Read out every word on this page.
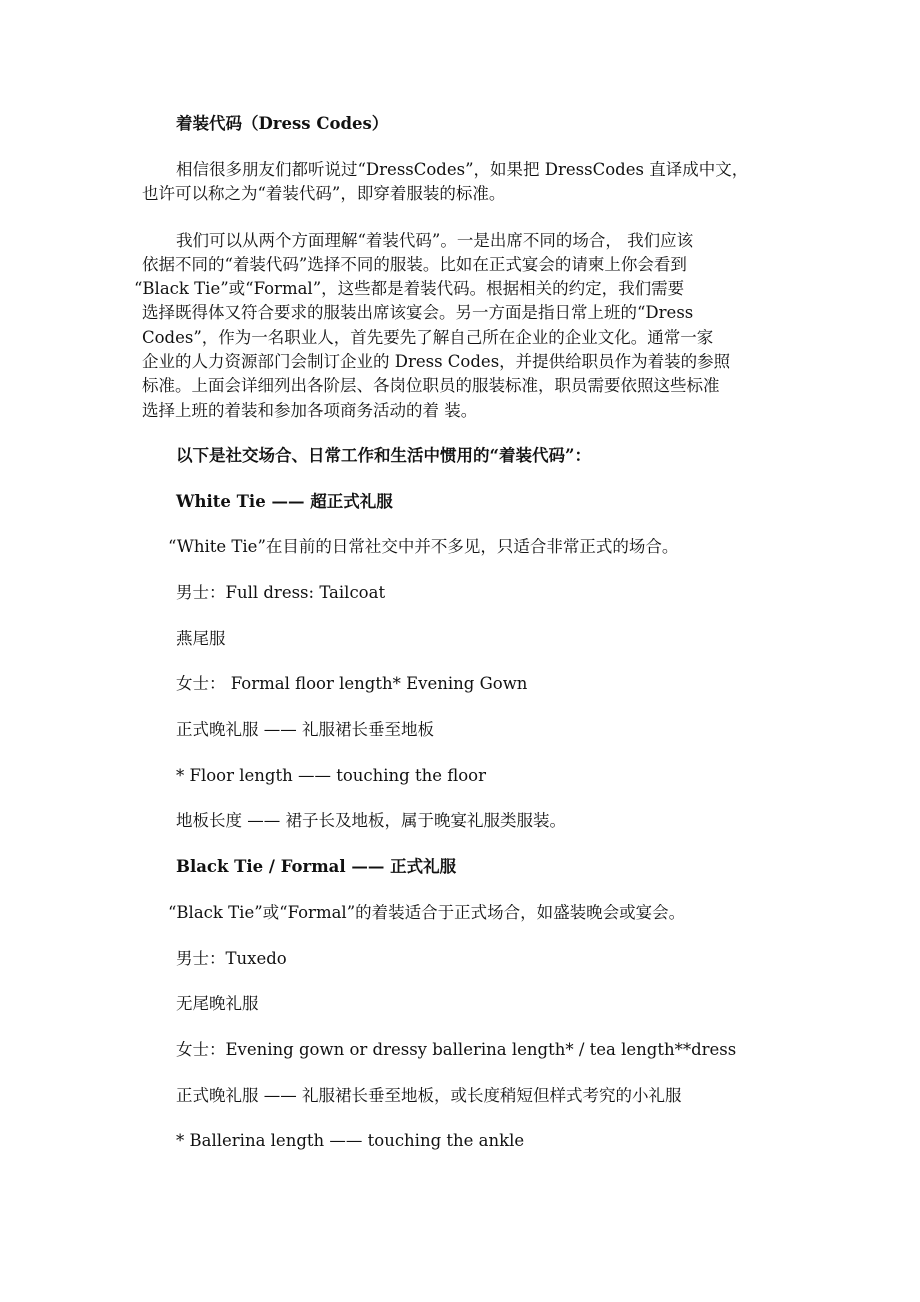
着装代码（Dress Codes）
相信很多朋友们都听说过“DressCodes”，如果把 DressCodes 直译成中文，
也许可以称之为“着装代码”，即穿着服装的标准。
我们可以从两个方面理解“着装代码”。一是出席不同的场合， 我们应该
依据不同的“着装代码”选择不同的服装。比如在正式宴会的请柬上你会看到
“Black Tie”或“Formal”，这些都是着装代码。根据相关的约定，我们需要
选择既得体又符合要求的服装出席该宴会。另一方面是指日常上班的“Dress
Codes”，作为一名职业人，首先要先了解自己所在企业的企业文化。通常一家
企业的人力资源部门会制订企业的 Dress Codes，并提供给职员作为着装的参照
标准。上面会详细列出各阶层、各岗位职员的服装标准，职员需要依照这些标准
选择上班的着装和参加各项商务活动的着 装。
以下是社交场合、日常工作和生活中惯用的“着装代码”：
White Tie —— 超正式礼服
“White Tie”在目前的日常社交中并不多见，只适合非常正式的场合。
男士：Full dress: Tailcoat
燕尾服
女士： Formal floor length* Evening Gown
正式晚礼服 —— 礼服裙长垂至地板
* Floor length —— touching the floor
地板长度 —— 裙子长及地板，属于晚宴礼服类服装。
Black Tie / Formal —— 正式礼服
“Black Tie”或“Formal”的着装适合于正式场合，如盛装晚会或宴会。
男士：Tuxedo
无尾晚礼服
女士：Evening gown or dressy ballerina length* / tea length**dress
正式晚礼服 —— 礼服裙长垂至地板，或长度稍短但样式考究的小礼服
* Ballerina length —— touching the ankle
